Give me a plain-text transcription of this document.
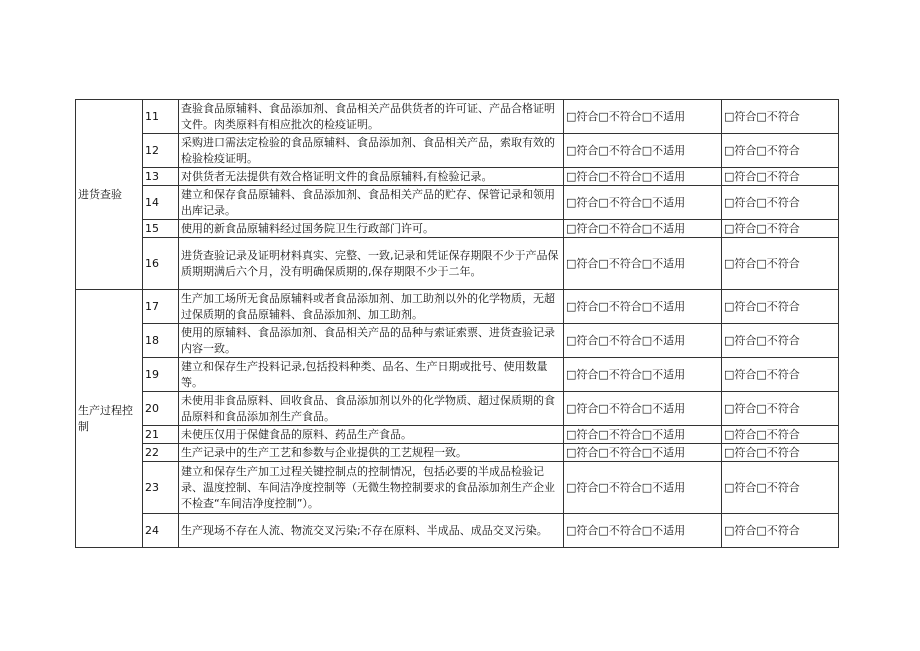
进货查验	11	查验食品原辅料、食品添加剂、食品相关产品供货者的许可证、产品合格证明文件。肉类原料有相应批次的检疫证明。	□符合□不符合□不适用	□符合□不符合
	12	采购进口需法定检验的食品原辅料、食品添加剂、食品相关产品，索取有效的检验检疫证明。	□符合□不符合□不适用	□符合□不符合
	13	对供货者无法提供有效合格证明文件的食品原辅料,有检验记录。	□符合□不符合□不适用	□符合□不符合
	14	建立和保存食品原辅料、食品添加剂、食品相关产品的贮存、保管记录和领用出库记录。	□符合□不符合□不适用	□符合□不符合
	15	使用的新食品原辅料经过国务院卫生行政部门许可。	□符合□不符合□不适用	□符合□不符合
	16	进货查验记录及证明材料真实、完整、一致,记录和凭证保存期限不少于产品保质期期满后六个月，没有明确保质期的,保存期限不少于二年。	□符合□不符合□不适用	□符合□不符合
生产过程控制	17	生产加工场所无食品原辅料或者食品添加剂、加工助剂以外的化学物质，无超过保质期的食品原辅料、食品添加剂、加工助剂。	□符合□不符合□不适用	□符合□不符合
	18	使用的原辅料、食品添加剂、食品相关产品的品种与索证索票、进货查验记录内容一致。	□符合□不符合□不适用	□符合□不符合
	19	建立和保存生产投料记录,包括投料种类、品名、生产日期或批号、使用数量等。	□符合□不符合□不适用	□符合□不符合
	20	未使用非食品原料、回收食品、食品添加剂以外的化学物质、超过保质期的食品原料和食品添加剂生产食品。	□符合□不符合□不适用	□符合□不符合
	21	未使压仅用于保健食品的原料、药品生产食品。	□符合□不符合□不适用	□符合□不符合
	22	生产记录中的生产工艺和参数与企业提供的工艺规程一致。	□符合□不符合□不适用	□符合□不符合
	23	建立和保存生产加工过程关键控制点的控制情况，包括必要的半成品检验记录、温度控制、车间洁净度控制等（无微生物控制要求的食品添加剂生产企业不检查“车间洁净度控制”）。	□符合□不符合□不适用	□符合□不符合
	24	生产现场不存在人流、物流交叉污染;不存在原料、半成品、成品交叉污染。	□符合□不符合□不适用	□符合□不符合
